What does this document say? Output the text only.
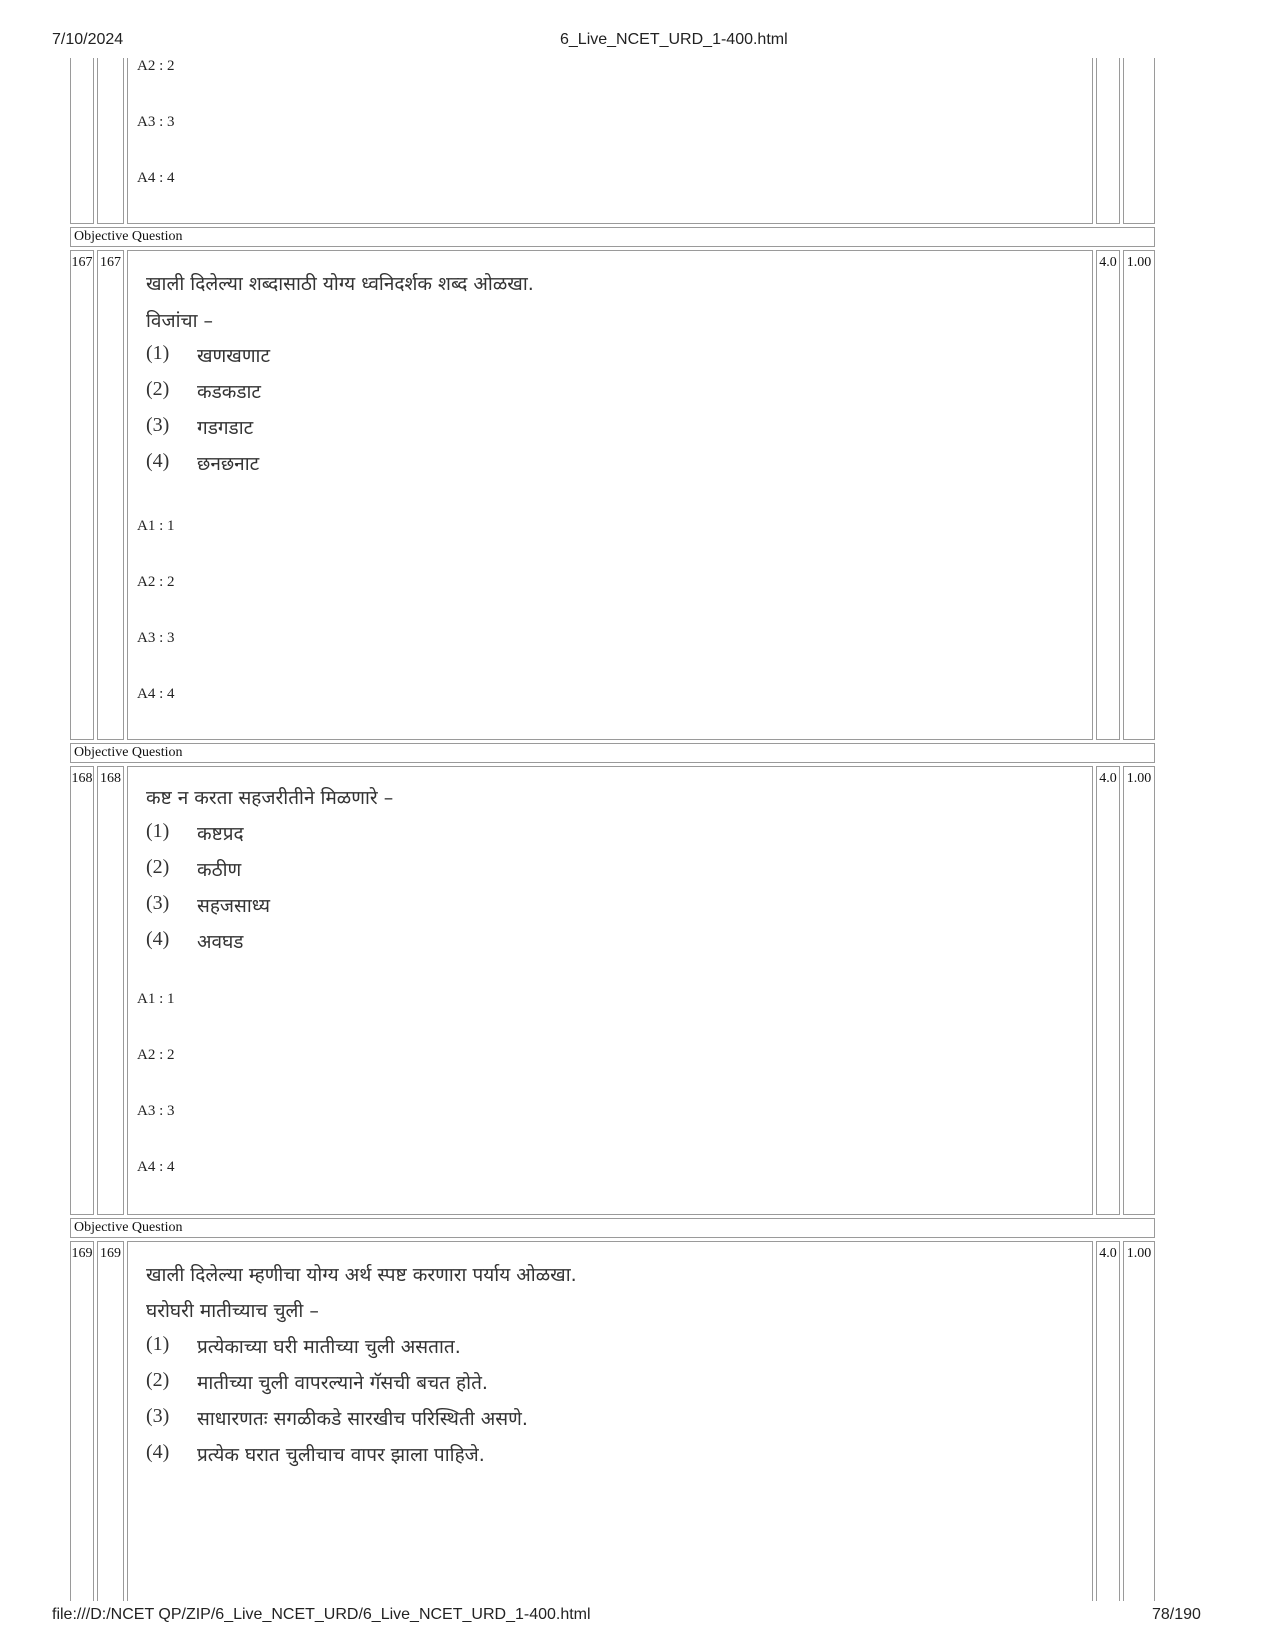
7/10/2024	6_Live_NCET_URD_1-400.html
A2 : 2
A3 : 3
A4 : 4
Objective Question
167 167	4.0 1.00
खाली दिलेल्या शब्दासाठी योग्य ध्वनिदर्शक शब्द ओळखा.
विजांचा –
(1) खणखणाट
(2) कडकडाट
(3) गडगडाट
(4) छनछनाट
A1 : 1
A2 : 2
A3 : 3
A4 : 4
Objective Question
168 168	4.0 1.00
कष्ट न करता सहजरीतीने मिळणारे –
(1) कष्टप्रद
(2) कठीण
(3) सहजसाध्य
(4) अवघड
A1 : 1
A2 : 2
A3 : 3
A4 : 4
Objective Question
169 169	4.0 1.00
खाली दिलेल्या म्हणीचा योग्य अर्थ स्पष्ट करणारा पर्याय ओळखा.
घरोघरी मातीच्याच चुली –
(1) प्रत्येकाच्या घरी मातीच्या चुली असतात.
(2) मातीच्या चुली वापरल्याने गॅसची बचत होते.
(3) साधारणतः सगळीकडे सारखीच परिस्थिती असणे.
(4) प्रत्येक घरात चुलीचाच वापर झाला पाहिजे.
file:///D:/NCET QP/ZIP/6_Live_NCET_URD/6_Live_NCET_URD_1-400.html	78/190
